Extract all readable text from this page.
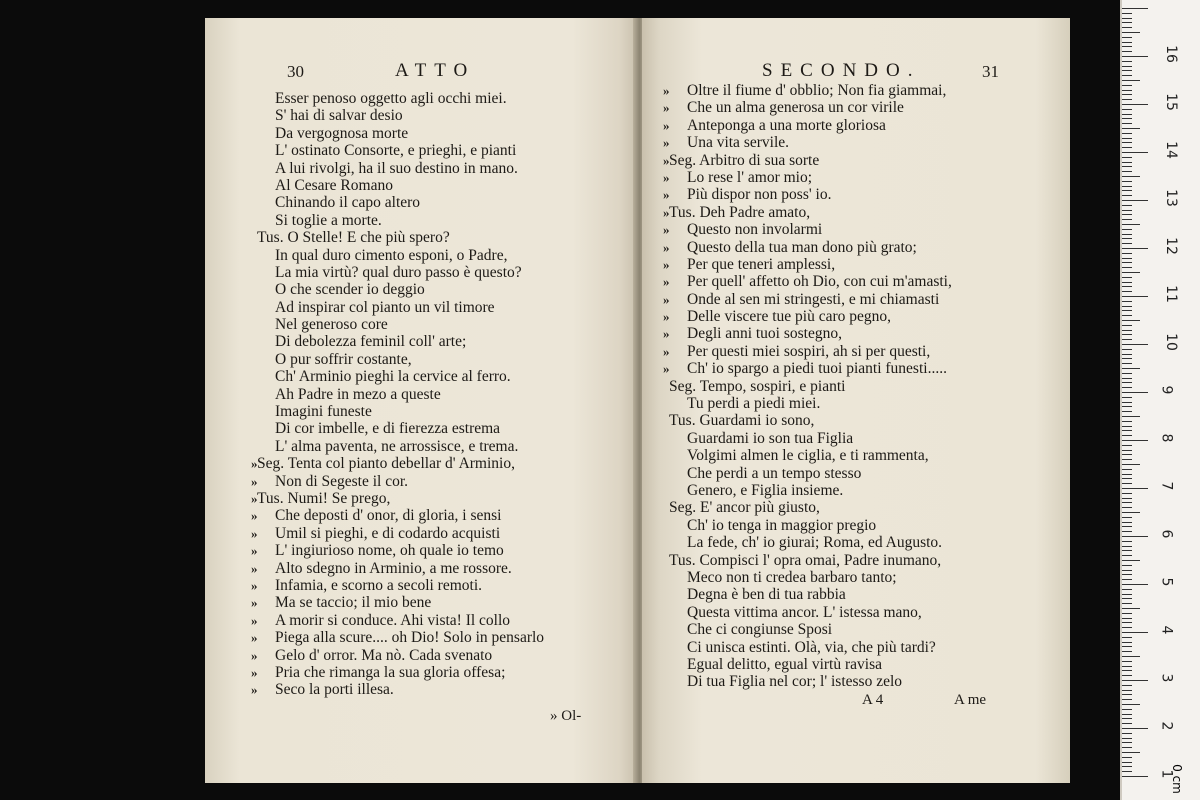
30	ATTO
Esser penoso oggetto agli occhi miei.
S' hai di salvar desio
Da vergognosa morte
L' ostinato Consorte, e prieghi, e pianti
A lui rivolgi, ha il suo destino in mano.
Al Cesare Romano
Chinando il capo altero
Si toglie a morte.
Tus. O Stelle! E che più spero?
In qual duro cimento esponi, o Padre,
La mia virtù? qual duro passo è questo?
O che scender io deggio
Ad inspirar col pianto un vil timore
Nel generoso core
Di debolezza feminil coll' arte;
O pur soffrir costante,
Ch' Arminio pieghi la cervice al ferro.
Ah Padre in mezo a queste
Imagini funeste
Di cor imbelle, e di fierezza estrema
L' alma paventa, ne arrossisce, e trema.
» Seg. Tenta col pianto debellar d' Arminio,
» Non di Segeste il cor.
» Tus. Numi! Se prego,
» Che deposti d' onor, di gloria, i sensi
» Umil si pieghi, e di codardo acquisti
» L' ingiurioso nome, oh quale io temo
» Alto sdegno in Arminio, a me rossore.
» Infamia, e scorno a secoli remoti.
» Ma se taccio; il mio bene
» A morir si conduce. Ahi vista! Il collo
» Piega alla scure.... oh Dio! Solo in pensarlo
» Gelo d' orror. Ma nò. Cada svenato
» Pria che rimanga la sua gloria offesa;
» Seco la porti illesa.
» Ol-
SECONDO.	31
» Oltre il fiume d' obblio; Non fia giammai,
» Che un alma generosa un cor virile
» Anteponga a una morte gloriosa
» Una vita servile.
» Seg. Arbitro di sua sorte
» Lo rese l' amor mio;
» Più dispor non poss' io.
» Tus. Deh Padre amato,
» Questo non involarmi
» Questo della tua man dono più grato;
» Per que teneri amplessi,
» Per quell' affetto oh Dio, con cui m'amasti,
» Onde al sen mi stringesti, e mi chiamasti
» Delle viscere tue più caro pegno,
» Degli anni tuoi sostegno,
» Per questi miei sospiri, ah si per questi,
» Ch' io spargo a piedi tuoi pianti funesti.....
Seg. Tempo, sospiri, e pianti
Tu perdi a piedi miei.
Tus. Guardami io sono,
Guardami io son tua Figlia
Volgimi almen le ciglia, e ti rammenta,
Che perdi a un tempo stesso
Genero, e Figlia insieme.
Seg. E' ancor più giusto,
Ch' io tenga in maggior pregio
La fede, ch' io giurai; Roma, ed Augusto.
Tus. Compisci l' opra omai, Padre inumano,
Meco non ti credea barbaro tanto;
Degna è ben di tua rabbia
Questa vittima ancor. L' istessa mano,
Che ci congiunse Sposi
Ci unisca estinti. Olà, via, che più tardi?
Egual delitto, egual virtù ravisa
Di tua Figlia nel cor; l' istesso zelo
A 4	A me
0 cm
16
15
14
13
12
11
10
9
8
7
6
5
4
3
2
1
